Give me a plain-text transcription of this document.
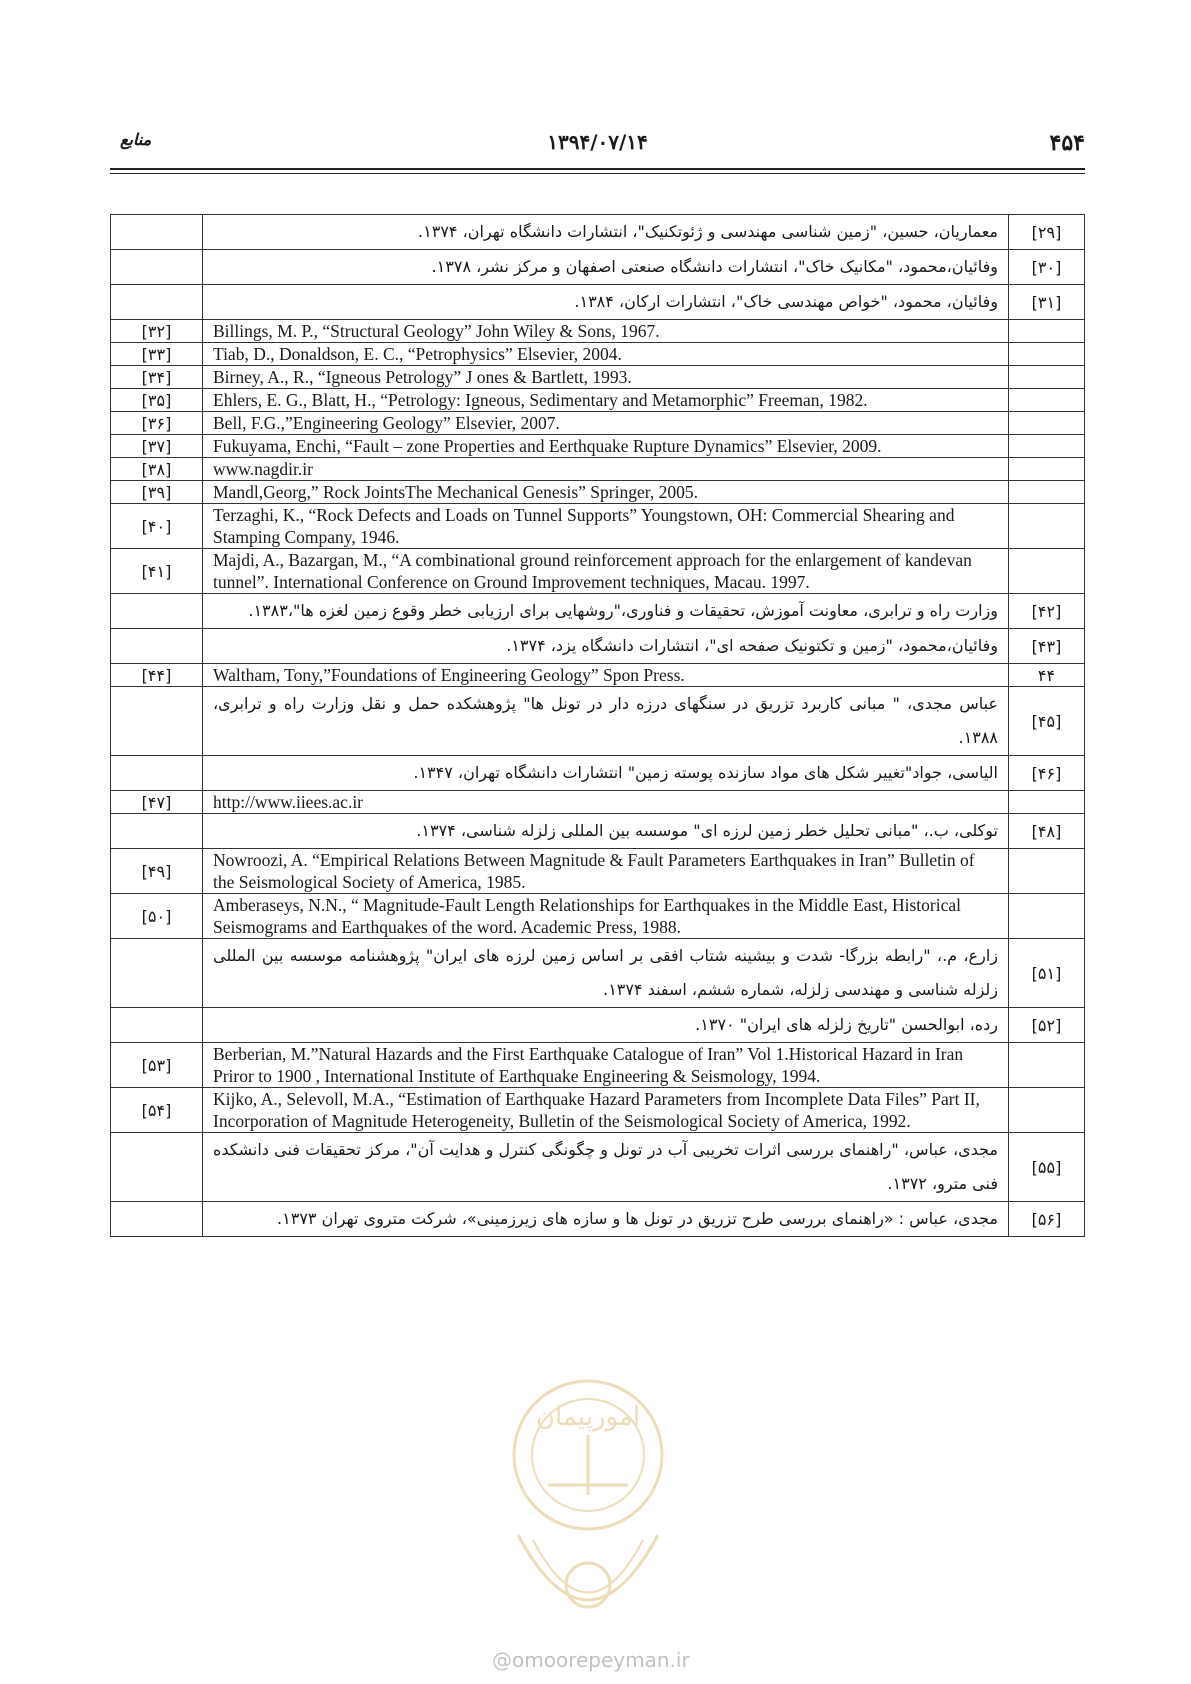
منابع	۱۳۹۴/۰۷/۱۴	۴۵۴
	معماریان، حسین، "زمین شناسی مهندسی و ژئوتکنیک"، انتشارات دانشگاه تهران، ۱۳۷۴.	[۲۹]
	وفائیان،محمود، "مکانیک خاک"، انتشارات دانشگاه صنعتی اصفهان و مرکز نشر، ۱۳۷۸.	[۳۰]
	وفائیان، محمود، "خواص مهندسی خاک"، انتشارات ارکان، ۱۳۸۴.	[۳۱]
[۳۲]	Billings, M. P., “Structural Geology” John Wiley & Sons, 1967.	
[۳۳]	Tiab, D., Donaldson, E. C., “Petrophysics” Elsevier, 2004.	
[۳۴]	Birney, A., R., “Igneous Petrology” J ones & Bartlett, 1993.	
[۳۵]	Ehlers, E. G., Blatt, H., “Petrology: Igneous, Sedimentary and Metamorphic” Freeman, 1982.	
[۳۶]	Bell, F.G.,”Engineering Geology” Elsevier, 2007.	
[۳۷]	Fukuyama, Enchi, “Fault – zone Properties and Eerthquake Rupture Dynamics” Elsevier, 2009.	
[۳۸]	www.nagdir.ir	
[۳۹]	Mandl,Georg,” Rock JointsThe Mechanical Genesis” Springer, 2005.	
[۴۰]	Terzaghi, K., “Rock Defects and Loads on Tunnel Supports” Youngstown, OH: Commercial Shearing and Stamping Company, 1946.	
[۴۱]	Majdi, A., Bazargan, M., “A combinational ground reinforcement approach for the enlargement of kandevan tunnel”. International Conference on Ground Improvement techniques, Macau. 1997.	
	وزارت راه و ترابری، معاونت آموزش، تحقیقات و فناوری،"روشهایی برای ارزیابی خطر وقوع زمین لغزه ها"،۱۳۸۳.	[۴۲]
	وفائیان،محمود، "زمین و تکتونیک صفحه ای"، انتشارات دانشگاه یزد، ۱۳۷۴.	[۴۳]
[۴۴]	Waltham, Tony,”Foundations of Engineering Geology” Spon Press.	۴۴
	عباس مجدی، " مبانی کاربرد تزریق در سنگهای درزه دار در تونل ها" پژوهشکده حمل و نقل وزارت راه و ترابری، ۱۳۸۸.	[۴۵]
	الیاسی، جواد"تغییر شکل های مواد سازنده پوسته زمین" انتشارات دانشگاه تهران، ۱۳۴۷.	[۴۶]
[۴۷]	http://www.iiees.ac.ir	
	توکلی، ب.، "مبانی تحلیل خطر زمین لرزه ای" موسسه بین المللی زلزله شناسی، ۱۳۷۴.	[۴۸]
[۴۹]	Nowroozi, A. “Empirical Relations Between Magnitude & Fault Parameters Earthquakes in Iran” Bulletin of the Seismological Society of America, 1985.	
[۵۰]	Amberaseys, N.N., “ Magnitude-Fault Length Relationships for Earthquakes in the Middle East, Historical Seismograms and Earthquakes of the word. Academic Press, 1988.	
	زارع، م.، "رابطه بزرگا- شدت و بیشینه شتاب افقی بر اساس زمین لرزه های ایران" پژوهشنامه موسسه بین المللی زلزله شناسی و مهندسی زلزله، شماره ششم، اسفند ۱۳۷۴.	[۵۱]
	رده، ابوالحسن "تاریخ زلزله های ایران" ۱۳۷۰.	[۵۲]
[۵۳]	Berberian, M.”Natural Hazards and the First Earthquake Catalogue of Iran” Vol 1.Historical Hazard in Iran Priror to 1900 , International Institute of Earthquake Engineering & Seismology, 1994.	
[۵۴]	Kijko, A., Selevoll, M.A., “Estimation of Earthquake Hazard Parameters from Incomplete Data Files” Part II, Incorporation of Magnitude Heterogeneity, Bulletin of the Seismological Society of America, 1992.	
	مجدی، عباس، "راهنمای بررسی اثرات تخریبی آب در تونل و چگونگی کنترل و هدایت آن"، مرکز تحقیقات فنی دانشکده فنی مترو، ۱۳۷۲.	[۵۵]
	مجدی، عباس : «راهنمای بررسی طرح تزریق در تونل ها و سازه های زیرزمینی»، شرکت متروی تهران ۱۳۷۳.	[۵۶]
امورپیمان
@omoorepeyman.ir
